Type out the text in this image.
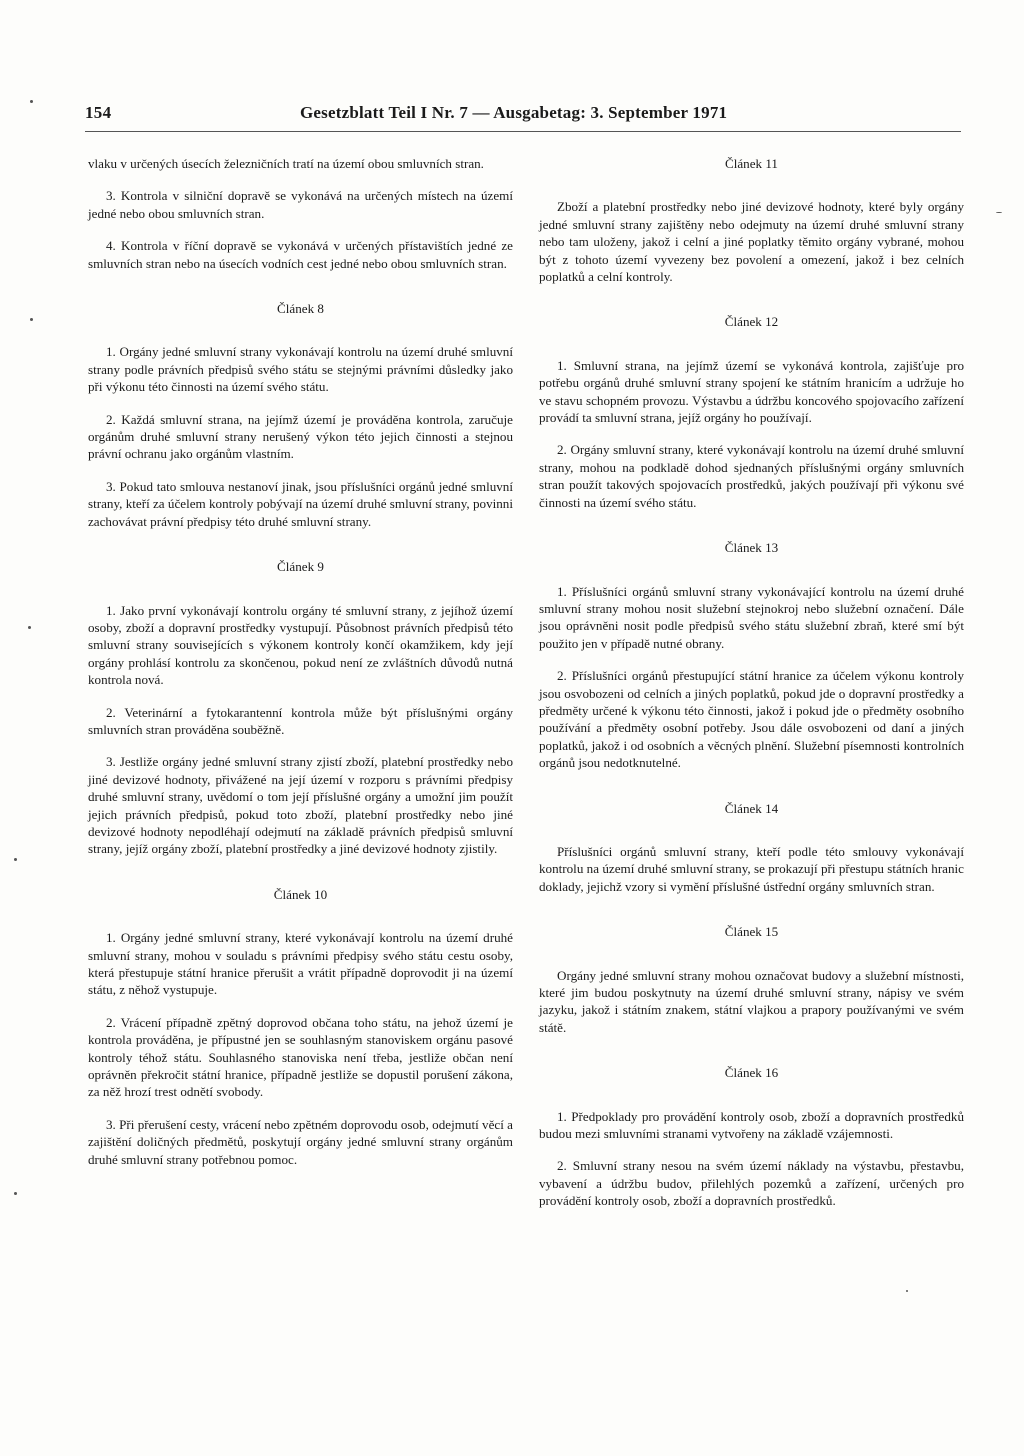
154	Gesetzblatt Teil I Nr. 7 — Ausgabetag: 3. September 1971

vlaku v určených úsecích železničních tratí na území obou smluvních stran.

3. Kontrola v silniční dopravě se vykonává na určených místech na území jedné nebo obou smluvních stran.

4. Kontrola v říční dopravě se vykonává v určených přístavištích jedné ze smluvních stran nebo na úsecích vodních cest jedné nebo obou smluvních stran.

Článek 8

1. Orgány jedné smluvní strany vykonávají kontrolu na území druhé smluvní strany podle právních předpisů svého státu se stejnými právními důsledky jako při výkonu této činnosti na území svého státu.

2. Každá smluvní strana, na jejímž území je prováděna kontrola, zaručuje orgánům druhé smluvní strany nerušený výkon této jejich činnosti a stejnou právní ochranu jako orgánům vlastním.

3. Pokud tato smlouva nestanoví jinak, jsou příslušníci orgánů jedné smluvní strany, kteří za účelem kontroly pobývají na území druhé smluvní strany, povinni zachovávat právní předpisy této druhé smluvní strany.

Článek 9

1. Jako první vykonávají kontrolu orgány té smluvní strany, z jejíhož území osoby, zboží a dopravní prostředky vystupují. Působnost právních předpisů této smluvní strany souvisejících s výkonem kontroly končí okamžikem, kdy její orgány prohlásí kontrolu za skončenou, pokud není ze zvláštních důvodů nutná kontrola nová.

2. Veterinární a fytokarantenní kontrola může být příslušnými orgány smluvních stran prováděna souběžně.

3. Jestliže orgány jedné smluvní strany zjistí zboží, platební prostředky nebo jiné devizové hodnoty, přivážené na její území v rozporu s právními předpisy druhé smluvní strany, uvědomí o tom její příslušné orgány a umožní jim použít jejich právních předpisů, pokud toto zboží, platební prostředky nebo jiné devizové hodnoty nepodléhají odejmutí na základě právních předpisů smluvní strany, jejíž orgány zboží, platební prostředky a jiné devizové hodnoty zjistily.

Článek 10

1. Orgány jedné smluvní strany, které vykonávají kontrolu na území druhé smluvní strany, mohou v souladu s právními předpisy svého státu cestu osoby, která přestupuje státní hranice přerušit a vrátit případně doprovodit ji na území státu, z něhož vystupuje.

2. Vrácení případně zpětný doprovod občana toho státu, na jehož území je kontrola prováděna, je přípustné jen se souhlasným stanoviskem orgánu pasové kontroly téhož státu. Souhlasného stanoviska není třeba, jestliže občan není oprávněn překročit státní hranice, případně jestliže se dopustil porušení zákona, za něž hrozí trest odnětí svobody.

3. Při přerušení cesty, vrácení nebo zpětném doprovodu osob, odejmutí věcí a zajištění doličných předmětů, poskytují orgány jedné smluvní strany orgánům druhé smluvní strany potřebnou pomoc.

Článek 11

Zboží a platební prostředky nebo jiné devizové hodnoty, které byly orgány jedné smluvní strany zajištěny nebo odejmuty na území druhé smluvní strany nebo tam uloženy, jakož i celní a jiné poplatky těmito orgány vybrané, mohou být z tohoto území vyvezeny bez povolení a omezení, jakož i bez celních poplatků a celní kontroly.

Článek 12

1. Smluvní strana, na jejímž území se vykonává kontrola, zajišťuje pro potřebu orgánů druhé smluvní strany spojení ke státním hranicím a udržuje ho ve stavu schopném provozu. Výstavbu a údržbu koncového spojovacího zařízení provádí ta smluvní strana, jejíž orgány ho používají.

2. Orgány smluvní strany, které vykonávají kontrolu na území druhé smluvní strany, mohou na podkladě dohod sjednaných příslušnými orgány smluvních stran použít takových spojovacích prostředků, jakých používají při výkonu své činnosti na území svého státu.

Článek 13

1. Příslušníci orgánů smluvní strany vykonávající kontrolu na území druhé smluvní strany mohou nosit služební stejnokroj nebo služební označení. Dále jsou oprávněni nosit podle předpisů svého státu služební zbraň, které smí být použito jen v případě nutné obrany.

2. Příslušníci orgánů přestupující státní hranice za účelem výkonu kontroly jsou osvobozeni od celních a jiných poplatků, pokud jde o dopravní prostředky a předměty určené k výkonu této činnosti, jakož i pokud jde o předměty osobního používání a předměty osobní potřeby. Jsou dále osvobozeni od daní a jiných poplatků, jakož i od osobních a věcných plnění. Služební písemnosti kontrolních orgánů jsou nedotknutelné.

Článek 14

Příslušníci orgánů smluvní strany, kteří podle této smlouvy vykonávají kontrolu na území druhé smluvní strany, se prokazují při přestupu státních hranic doklady, jejichž vzory si vymění příslušné ústřední orgány smluvních stran.

Článek 15

Orgány jedné smluvní strany mohou označovat budovy a služební místnosti, které jim budou poskytnuty na území druhé smluvní strany, nápisy ve svém jazyku, jakož i státním znakem, státní vlajkou a prapory používanými ve svém státě.

Článek 16

1. Předpoklady pro provádění kontroly osob, zboží a dopravních prostředků budou mezi smluvními stranami vytvořeny na základě vzájemnosti.

2. Smluvní strany nesou na svém území náklady na výstavbu, přestavbu, vybavení a údržbu budov, přilehlých pozemků a zařízení, určených pro provádění kontroly osob, zboží a dopravních prostředků.
